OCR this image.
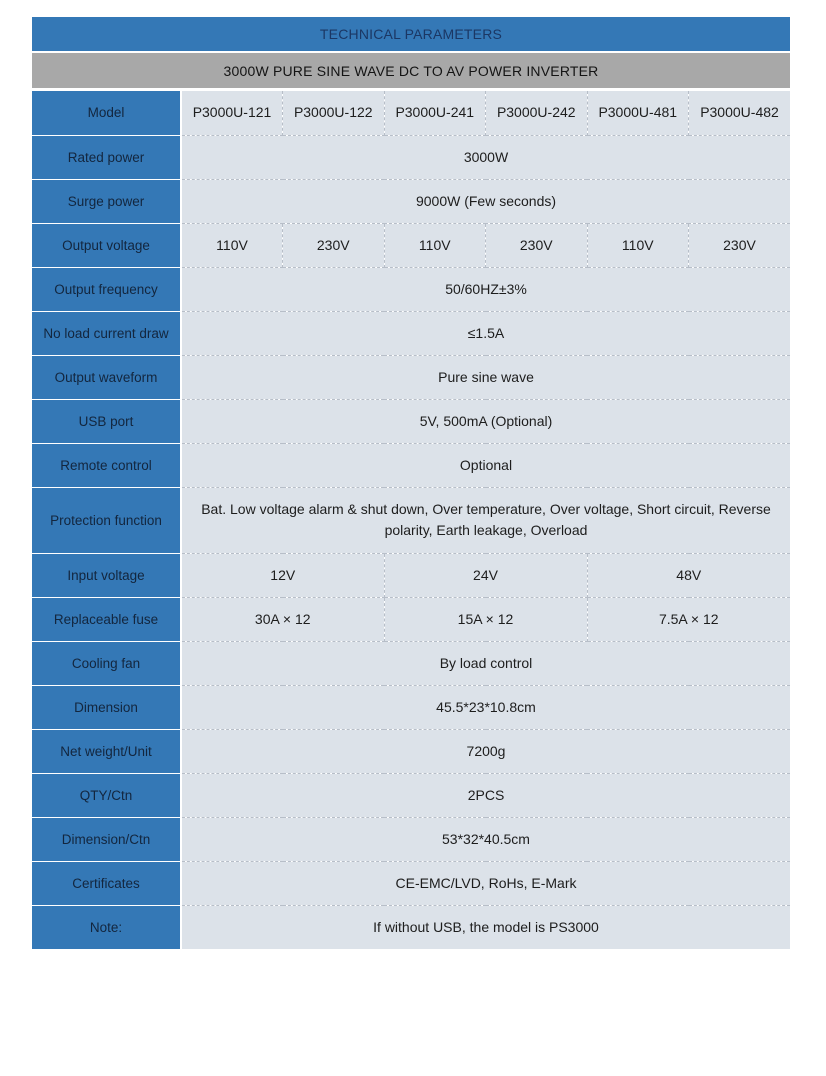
TECHNICAL PARAMETERS
3000W PURE SINE WAVE DC TO AV POWER INVERTER
Model	P3000U-121	P3000U-122	P3000U-241	P3000U-242	P3000U-481	P3000U-482
Rated power	3000W					
Surge power	9000W (Few seconds)					
Output voltage	110V	230V	110V	230V	110V	230V
Output frequency	50/60HZ±3%					
No load current draw	≤1.5A					
Output waveform	Pure sine wave					
USB port	5V, 500mA (Optional)					
Remote control	Optional					
Protection function	Bat. Low voltage alarm & shut down, Over temperature, Over voltage, Short circuit, Reverse polarity, Earth leakage, Overload					
Input voltage	12V		24V		48V	
Replaceable fuse	30A × 12		15A × 12		7.5A × 12	
Cooling fan	By load control					
Dimension	45.5*23*10.8cm					
Net weight/Unit	7200g					
QTY/Ctn	2PCS					
Dimension/Ctn	53*32*40.5cm					
Certificates	CE-EMC/LVD, RoHs, E-Mark					
Note:	If without USB, the model is PS3000					
